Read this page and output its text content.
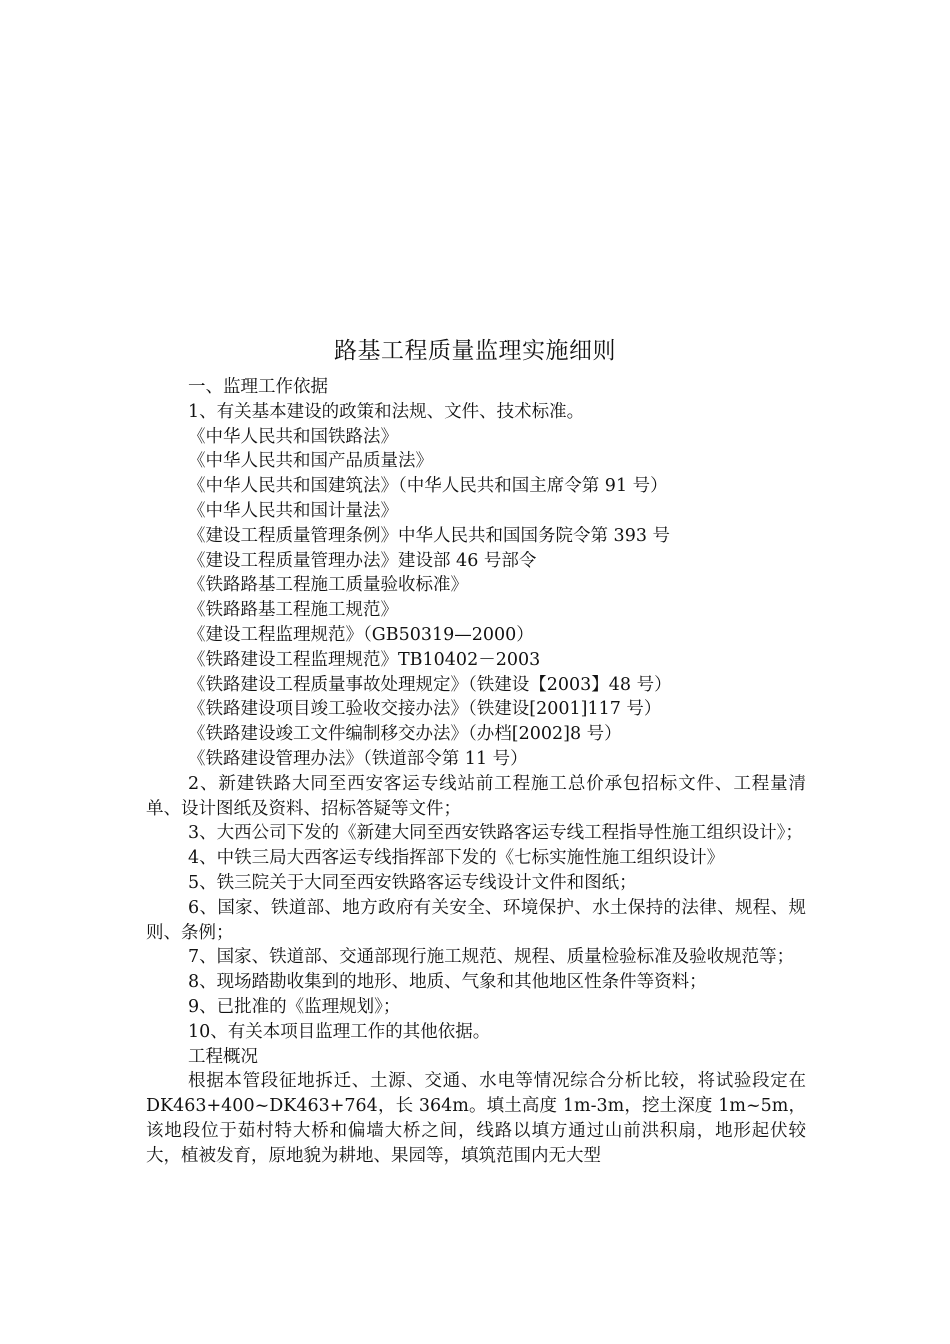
路基工程质量监理实施细则
一、监理工作依据
1、有关基本建设的政策和法规、文件、技术标准。
《中华人民共和国铁路法》
《中华人民共和国产品质量法》
《中华人民共和国建筑法》（中华人民共和国主席令第 91 号）
《中华人民共和国计量法》
《建设工程质量管理条例》中华人民共和国国务院令第 393 号
《建设工程质量管理办法》建设部 46 号部令
《铁路路基工程施工质量验收标准》
《铁路路基工程施工规范》
《建设工程监理规范》（GB50319—2000）
《铁路建设工程监理规范》TB10402－2003
《铁路建设工程质量事故处理规定》（铁建设【2003】48 号）
《铁路建设项目竣工验收交接办法》（铁建设[2001]117 号）
《铁路建设竣工文件编制移交办法》（办档[2002]8 号）
《铁路建设管理办法》（铁道部令第 11 号）
2、新建铁路大同至西安客运专线站前工程施工总价承包招标文件、工程量清单、设计图纸及资料、招标答疑等文件；
3、大西公司下发的《新建大同至西安铁路客运专线工程指导性施工组织设计》；
4、中铁三局大西客运专线指挥部下发的《七标实施性施工组织设计》
5、铁三院关于大同至西安铁路客运专线设计文件和图纸；
6、国家、铁道部、地方政府有关安全、环境保护、水土保持的法律、规程、规则、条例；
7、国家、铁道部、交通部现行施工规范、规程、质量检验标准及验收规范等；
8、现场踏勘收集到的地形、地质、气象和其他地区性条件等资料；
9、已批准的《监理规划》；
10、有关本项目监理工作的其他依据。
工程概况
根据本管段征地拆迁、土源、交通、水电等情况综合分析比较，将试验段定在 DK463+400~DK463+764，长 364m。填土高度 1m-3m，挖土深度 1m~5m，该地段位于茹村特大桥和偏墙大桥之间，线路以填方通过山前洪积扇，地形起伏较大，植被发育，原地貌为耕地、果园等，填筑范围内无大型
